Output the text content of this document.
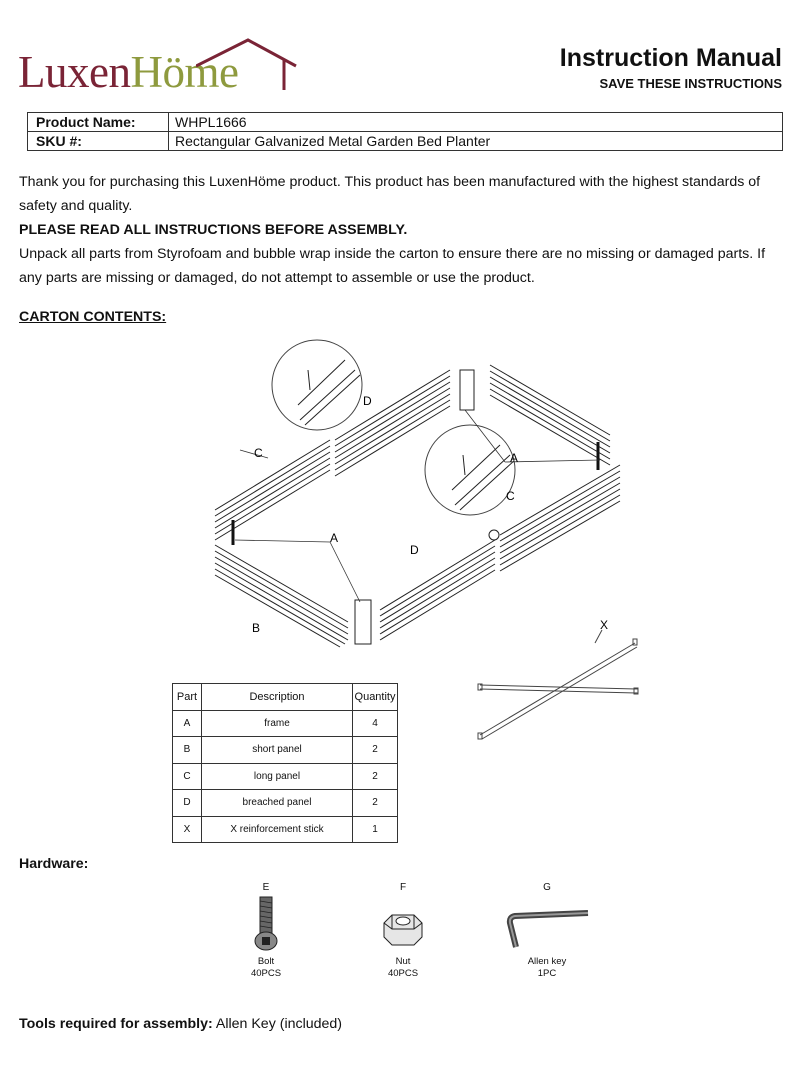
LuxenHöme	Instruction Manual
SAVE THESE INSTRUCTIONS
Product Name:	WHPL1666
SKU #:	Rectangular Galvanized Metal Garden Bed Planter

Thank you for purchasing this LuxenHöme product. This product has been manufactured with the highest standards of safety and quality.

PLEASE READ ALL INSTRUCTIONS BEFORE ASSEMBLY.

Unpack all parts from Styrofoam and bubble wrap inside the carton to ensure there are no missing or damaged parts. If any parts are missing or damaged, do not attempt to assemble or use the product.

CARTON CONTENTS:
C
D
A
A
C
D
B	X
Part	Description	Quantity
A	frame	4
B	short panel	2
C	long panel	2
D	breached panel	2
X	X reinforcement stick	1
Hardware:
E
Bolt
40PCS
F
Nut
40PCS
G
Allen key
1PC
Tools required for assembly: Allen Key (included)
